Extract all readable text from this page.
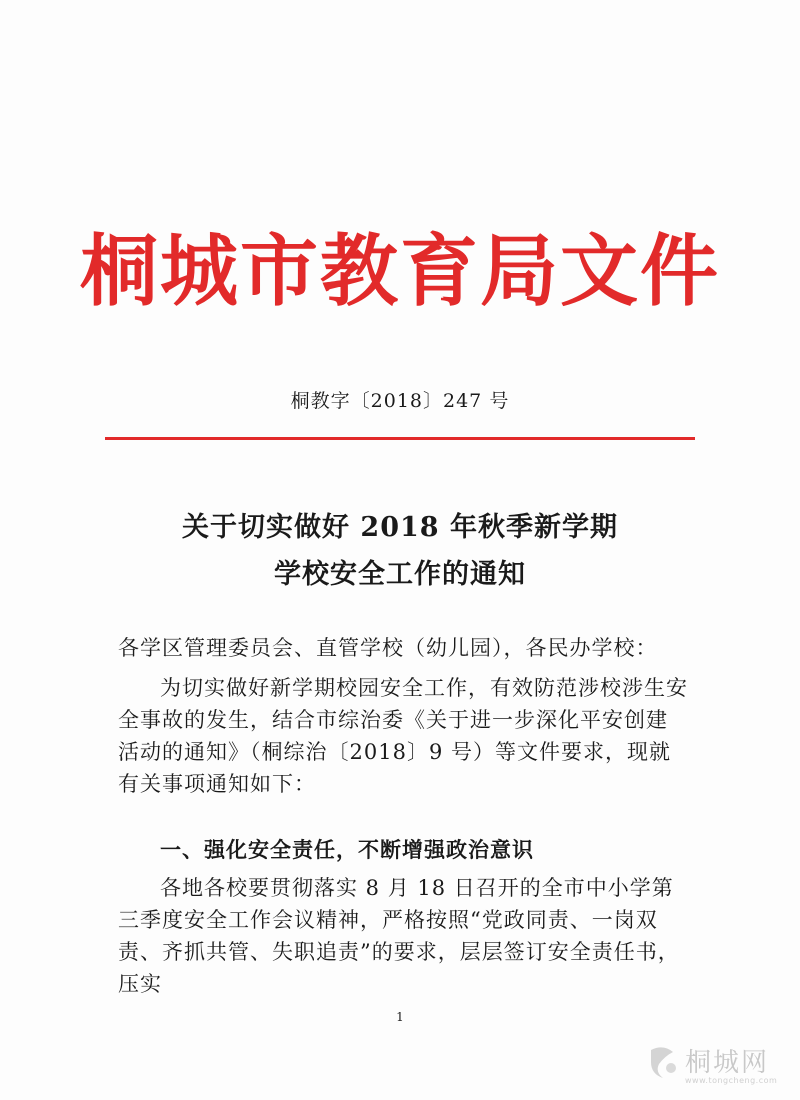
桐城市教育局文件
桐教字〔2018〕247 号
关于切实做好 2018 年秋季新学期
学校安全工作的通知
各学区管理委员会、直管学校（幼儿园），各民办学校：
为切实做好新学期校园安全工作，有效防范涉校涉生安全事故的发生，结合市综治委《关于进一步深化平安创建活动的通知》（桐综治〔2018〕9 号）等文件要求，现就有关事项通知如下：
一、强化安全责任，不断增强政治意识
各地各校要贯彻落实 8 月 18 日召开的全市中小学第三季度安全工作会议精神，严格按照“党政同责、一岗双责、齐抓共管、失职追责”的要求，层层签订安全责任书，压实
1
桐城网
www.tongcheng.com
